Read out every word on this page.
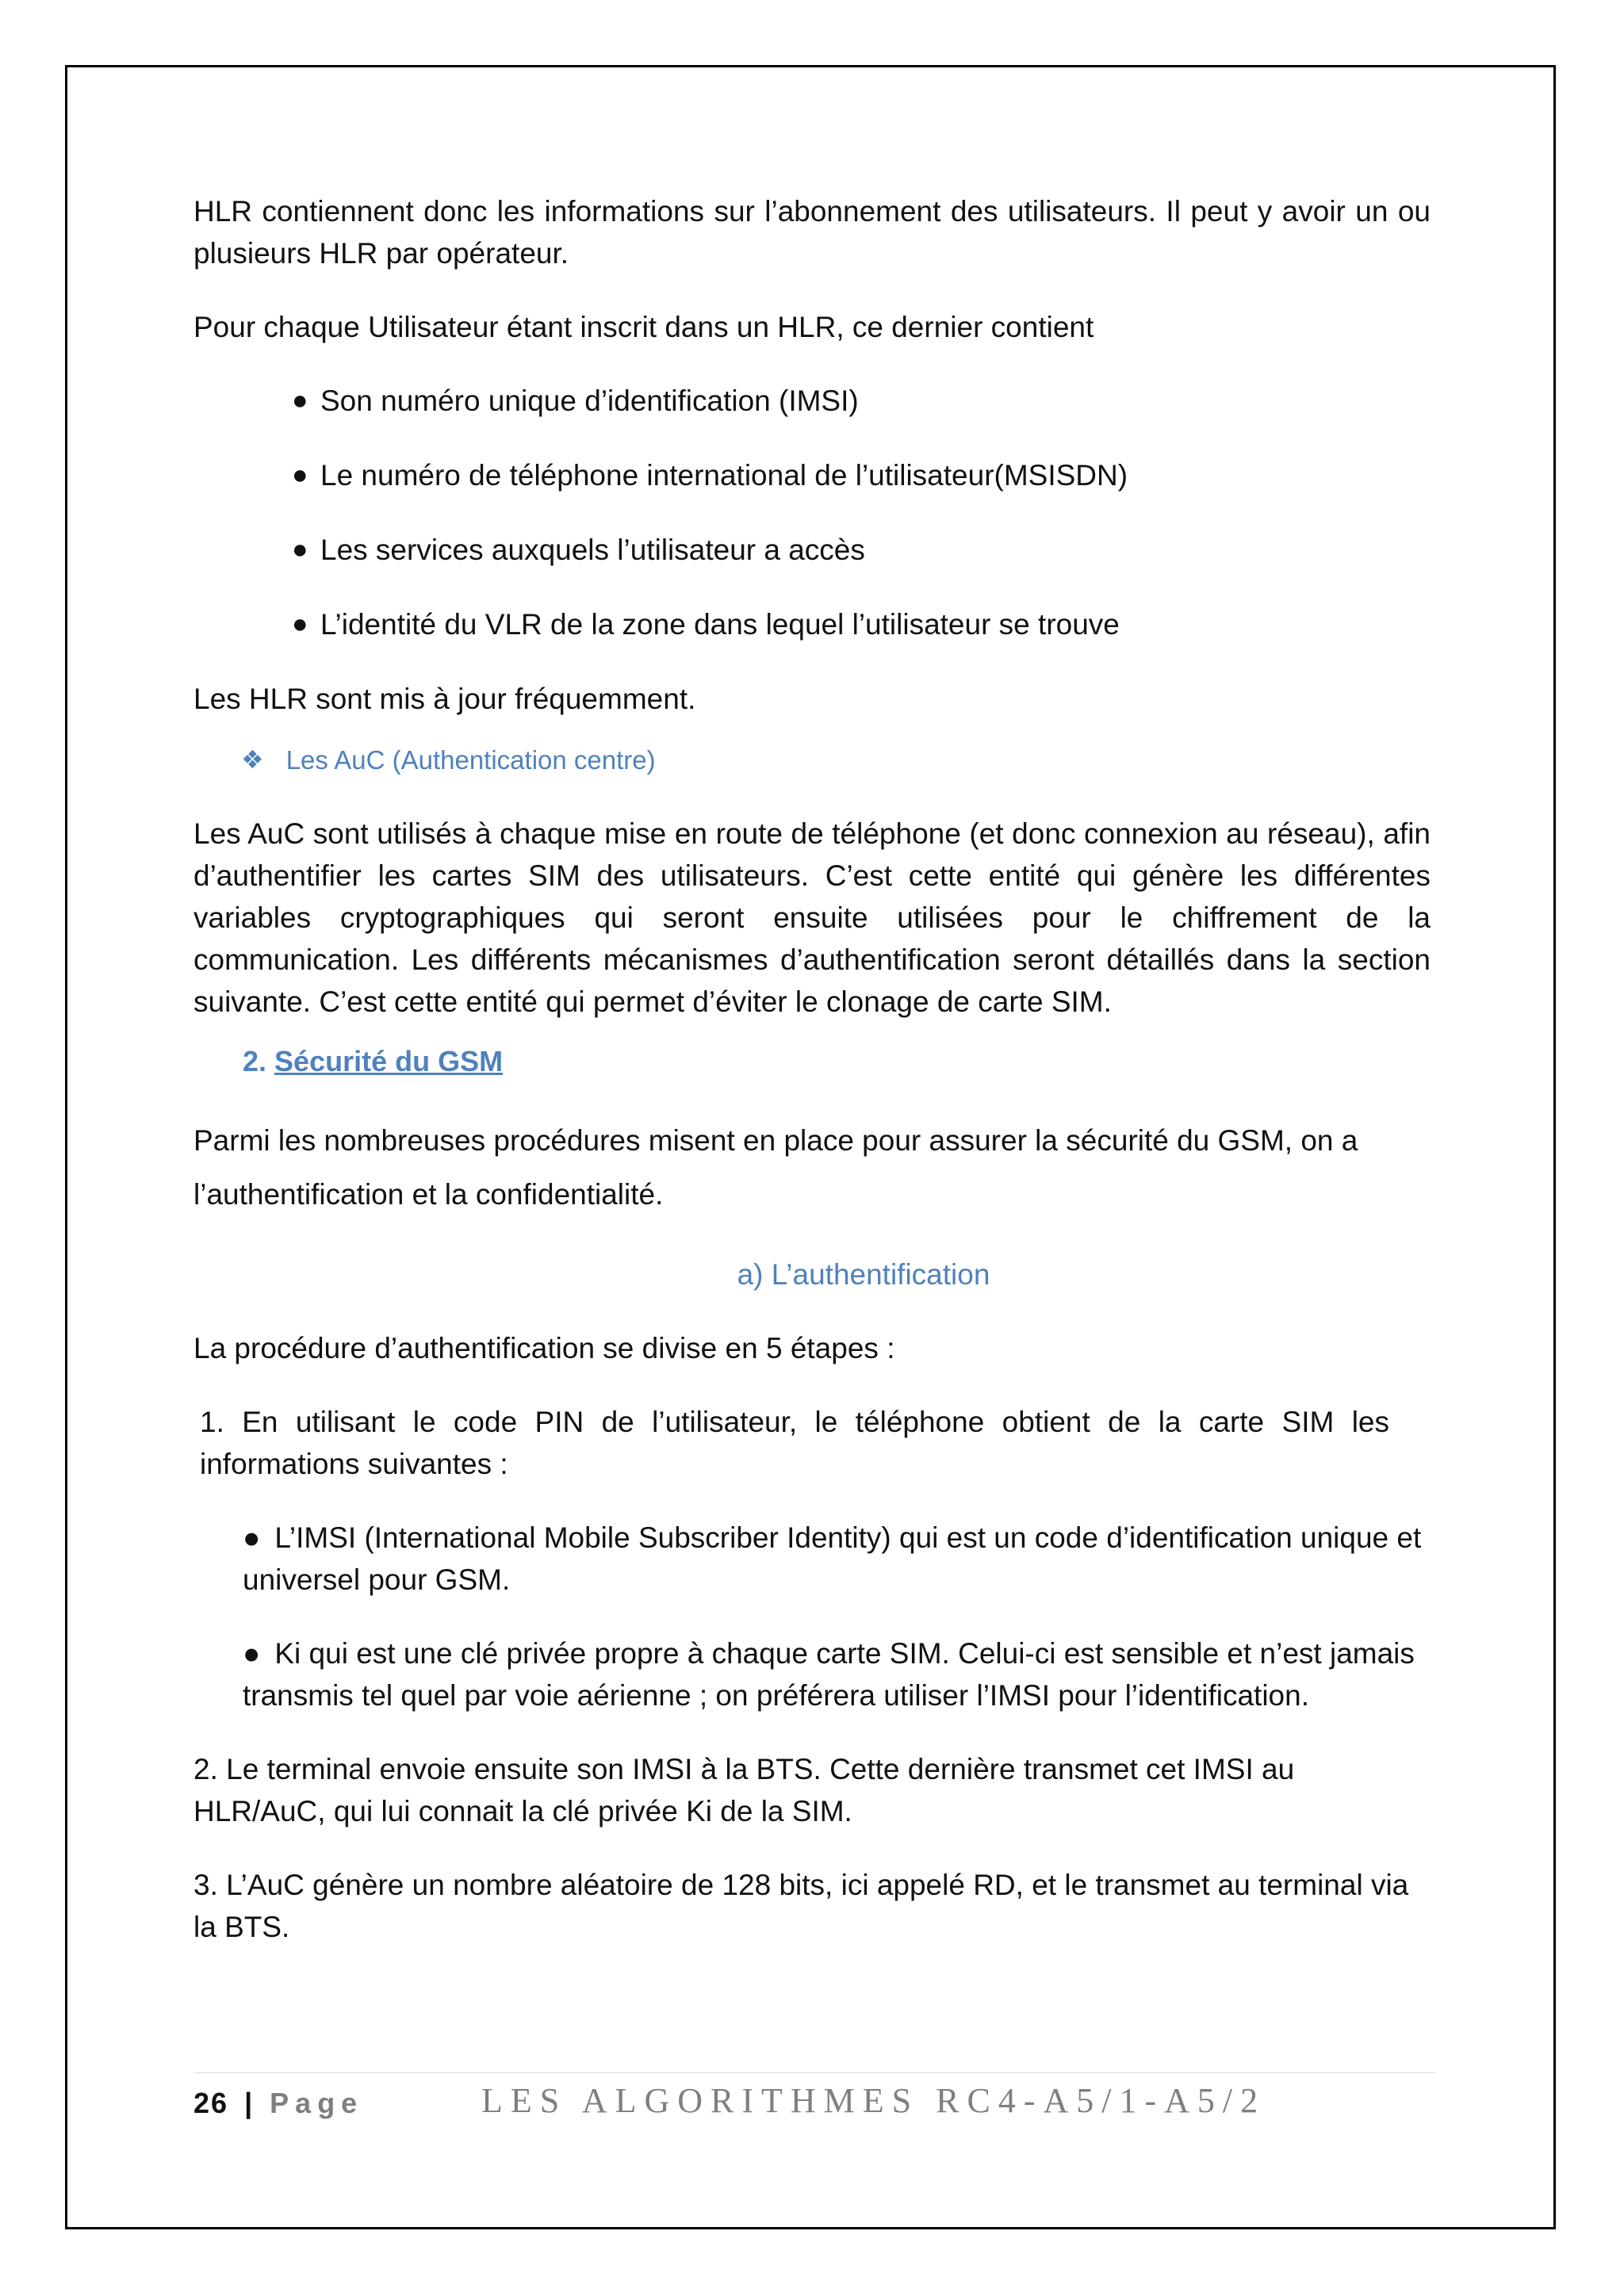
HLR contiennent donc les informations sur l’abonnement des utilisateurs. Il peut y avoir un ou plusieurs HLR par opérateur.

Pour chaque Utilisateur étant inscrit dans un HLR, ce dernier contient

● Son numéro unique d’identification (IMSI)
● Le numéro de téléphone international de l’utilisateur(MSISDN)
● Les services auxquels l’utilisateur a accès
● L’identité du VLR de la zone dans lequel l’utilisateur se trouve

Les HLR sont mis à jour fréquemment.

❖ Les AuC (Authentication centre)

Les AuC sont utilisés à chaque mise en route de téléphone (et donc connexion au réseau), afin d’authentifier les cartes SIM des utilisateurs. C’est cette entité qui génère les différentes variables cryptographiques qui seront ensuite utilisées pour le chiffrement de la communication. Les différents mécanismes d’authentification seront détaillés dans la section suivante. C’est cette entité qui permet d’éviter le clonage de carte SIM.

2. Sécurité du GSM

Parmi les nombreuses procédures misent en place pour assurer la sécurité du GSM, on a l’authentification et la confidentialité.

a) L’authentification

La procédure d’authentification se divise en 5 étapes :

1. En utilisant le code PIN de l’utilisateur, le téléphone obtient de la carte SIM les informations suivantes :

● L’IMSI (International Mobile Subscriber Identity) qui est un code d’identification unique et universel pour GSM.

● Ki qui est une clé privée propre à chaque carte SIM. Celui-ci est sensible et n’est jamais transmis tel quel par voie aérienne ; on préférera utiliser l’IMSI pour l’identification.

2. Le terminal envoie ensuite son IMSI à la BTS. Cette dernière transmet cet IMSI au HLR/AuC, qui lui connait la clé privée Ki de la SIM.

3. L’AuC génère un nombre aléatoire de 128 bits, ici appelé RD, et le transmet au terminal via la BTS.

26 | Page	LES ALGORITHMES RC4-A5/1-A5/2
